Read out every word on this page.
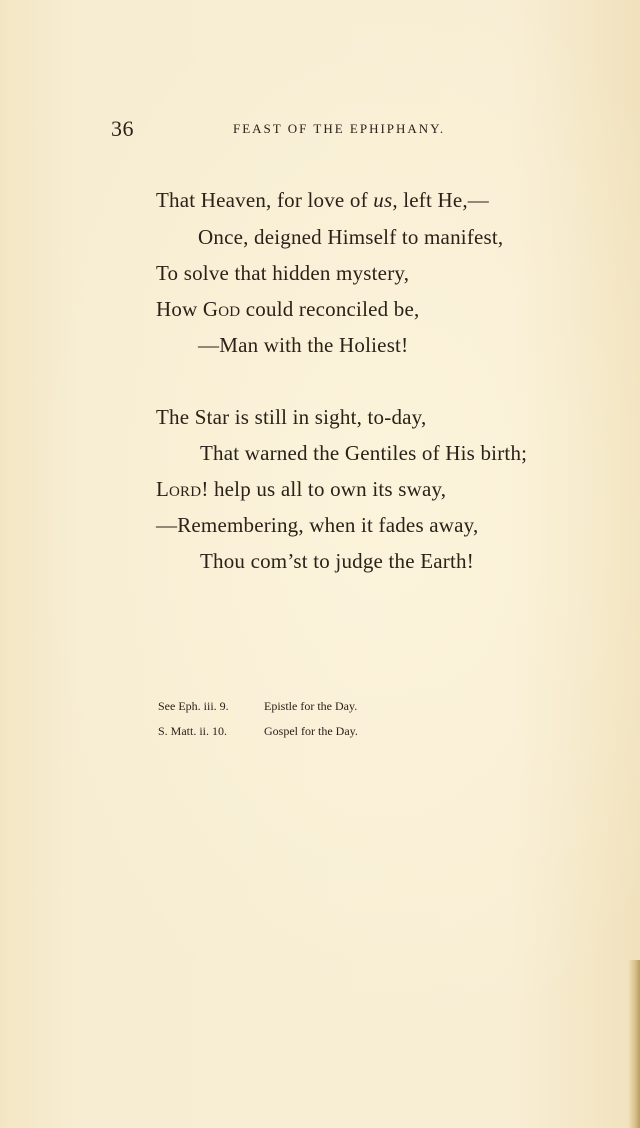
36	FEAST OF THE EPHIPHANY.
That Heaven, for love of us, left He,—
Once, deigned Himself to manifest,
To solve that hidden mystery,
How God could reconciled be,
—Man with the Holiest!
The Star is still in sight, to-day,
That warned the Gentiles of His birth;
Lord! help us all to own its sway,
—Remembering, when it fades away,
Thou com’st to judge the Earth!
See Eph. iii. 9.	Epistle for the Day.
S. Matt. ii. 10.	Gospel for the Day.
